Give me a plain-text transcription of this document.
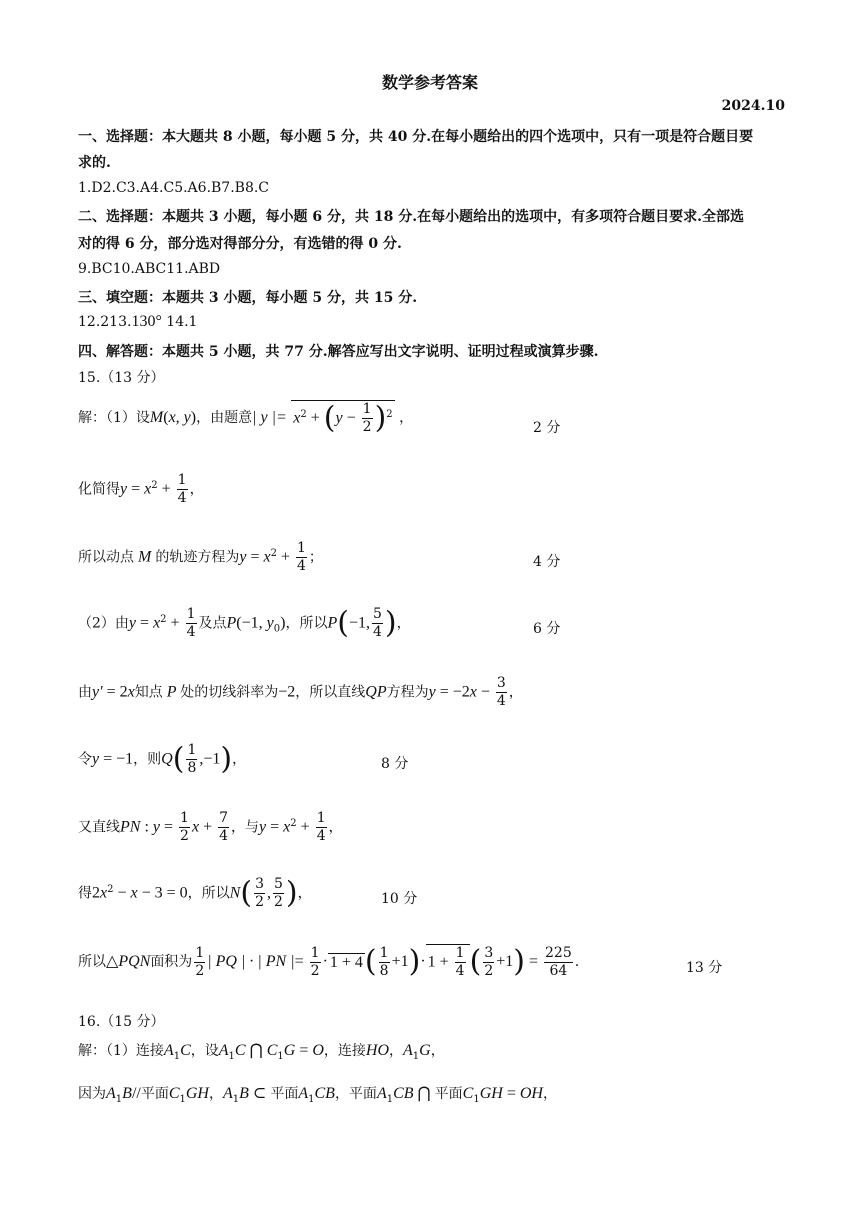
数学参考答案
2024.10
一、选择题：本大题共 8 小题，每小题 5 分，共 40 分.在每小题给出的四个选项中，只有一项是符合题目要
求的.
1.D2.C3.A4.C5.A6.B7.B8.C
二、选择题：本题共 3 小题，每小题 6 分，共 18 分.在每小题给出的选项中，有多项符合题目要求.全部选
对的得 6 分，部分选对得部分分，有选错的得 0 分.
9.BC10.ABC11.ABD
三、填空题：本题共 3 小题，每小题 5 分，共 15 分.
12.213.130° 14.1
四、解答题：本题共 5 小题，共 77 分.解答应写出文字说明、证明过程或演算步骤.
15.（13 分）
解：（1）设M(x, y)，由题意| y |= $x^2 + (y - \frac{1}{2} )^2$ ，
2 分
化简得$y = x^2 + \frac{1}{4}$ ，
所以动点 M 的轨迹方程为$y = x^2 + \frac{1}{4}$ ；	4 分
（2）由$y = x^2 + \frac{1}{4}$ 及点P(−1, $y_0$)，所以P(−1, $\frac{5}{4}$ )，	6 分
由y′ = 2x知点 P 处的切线斜率为−2，所以直线QP方程为$y = -2x - \frac{3}{4}$ ，
令y = −1，则$Q( \frac{1}{8} ,-1)$，	8 分
又直线PN : $y = \frac{1}{2}$ $x + \frac{7}{4}$ ，与$y = x^2 + \frac{1}{4}$ ，
得$2x^2 - x - 3 = 0$，所以$N( \frac{3}{2}$ , $\frac{5}{2}$ )，	10 分
所以△PQN面积为 $\frac{1}{2}$ | PQ | · | PN |= $\frac{1}{2} \cdot 1 + 4( \frac{1}{8} +1)\cdot 1 + \frac{1}{4}$ ( $\frac{3}{2} +1) = \frac{225}{64}$ .	13 分
16.（15 分）
解：（1）连接$A_1C$，设$A_1C$ ⋂ $C_1G = O$，连接HO，$A_1G$，
因为$A_1B//$平面$C_1GH$，$A_1B$ ⊂ 平面$A_1CB$，平面$A_1CB$ ⋂ 平面$C_1GH$ = OH，
